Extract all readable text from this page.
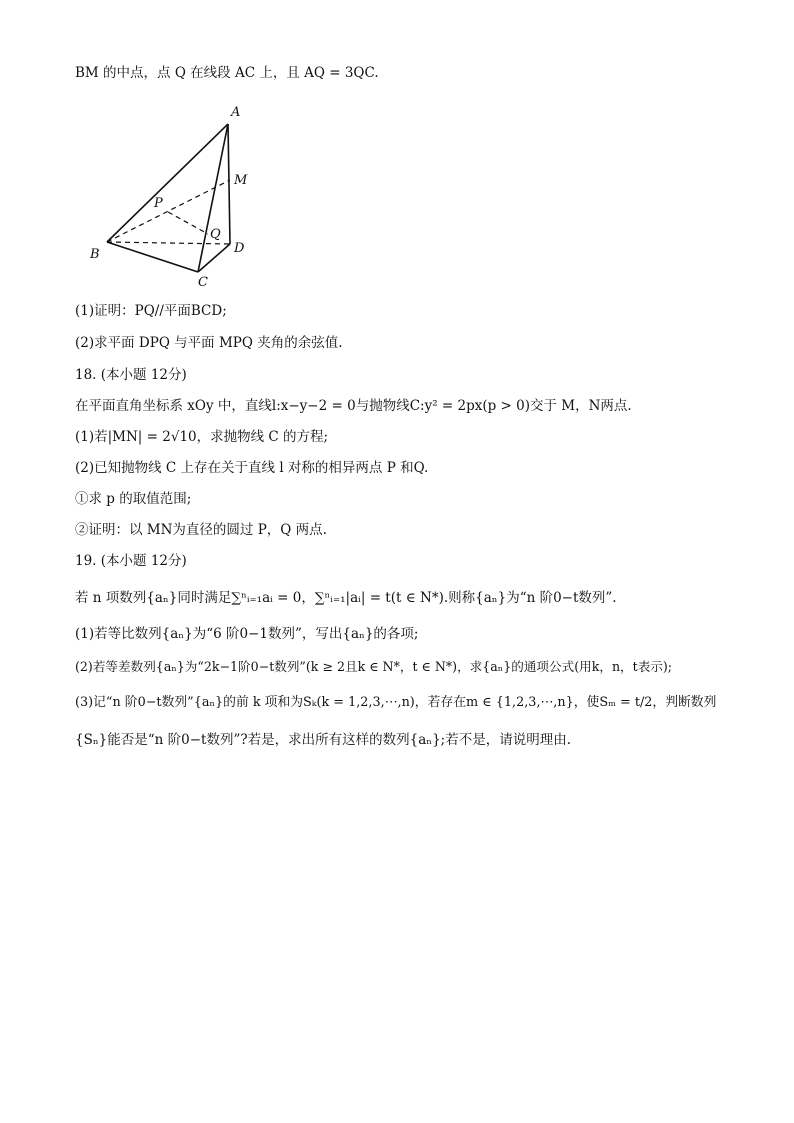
BM 的中点，点 Q 在线段 AC 上，且 AQ = 3QC.
A
B
C
D
M
P
Q
(1)证明：PQ//平面BCD;
(2)求平面 DPQ 与平面 MPQ 夹角的余弦值.
18. (本小题 12分)
在平面直角坐标系 xOy 中，直线l:x−y−2 = 0与抛物线C:y² = 2px(p > 0)交于 M，N两点.
(1)若|MN| = 2√10，求抛物线 C 的方程;
(2)已知抛物线 C 上存在关于直线 l 对称的相异两点 P 和Q.
①求 p 的取值范围;
②证明：以 MN为直径的圆过 P，Q 两点.
19. (本小题 12分)
若 n 项数列{aₙ}同时满足∑ⁿᵢ₌₁aᵢ = 0，∑ⁿᵢ₌₁|aᵢ| = t(t ∈ N*).则称{aₙ}为“n 阶0−t数列”.
(1)若等比数列{aₙ}为“6 阶0−1数列”，写出{aₙ}的各项;
(2)若等差数列{aₙ}为“2k−1阶0−t数列”(k ≥ 2且k ∈ N*，t ∈ N*)，求{aₙ}的通项公式(用k，n，t表示);
(3)记“n 阶0−t数列”{aₙ}的前 k 项和为Sₖ(k = 1,2,3,⋯,n)，若存在m ∈ {1,2,3,⋯,n}，使Sₘ = t/2，判断数列
{Sₙ}能否是“n 阶0−t数列”?若是，求出所有这样的数列{aₙ};若不是，请说明理由.
